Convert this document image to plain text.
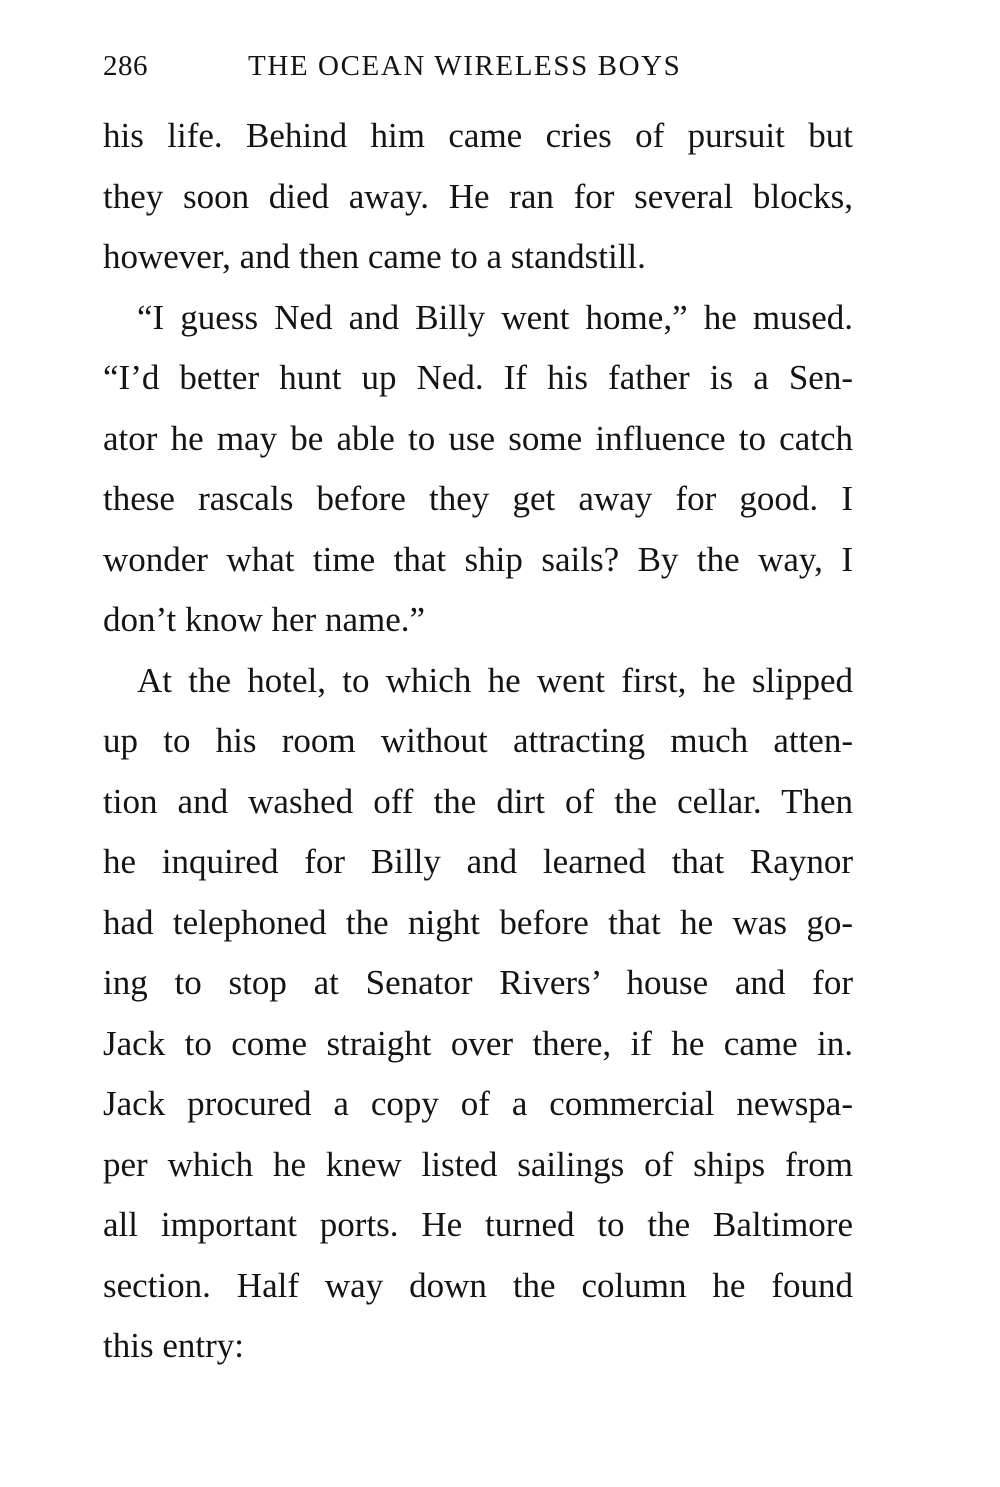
286	THE OCEAN WIRELESS BOYS
his life. Behind him came cries of pursuit but
they soon died away. He ran for several blocks,
however, and then came to a standstill.
“I guess Ned and Billy went home,” he mused.
“I’d better hunt up Ned. If his father is a Sen-
ator he may be able to use some influence to catch
these rascals before they get away for good. I
wonder what time that ship sails? By the way, I
don’t know her name.”
At the hotel, to which he went first, he slipped
up to his room without attracting much atten-
tion and washed off the dirt of the cellar. Then
he inquired for Billy and learned that Raynor
had telephoned the night before that he was go-
ing to stop at Senator Rivers’ house and for
Jack to come straight over there, if he came in.
Jack procured a copy of a commercial newspa-
per which he knew listed sailings of ships from
all important ports. He turned to the Baltimore
section. Half way down the column he found
this entry:
